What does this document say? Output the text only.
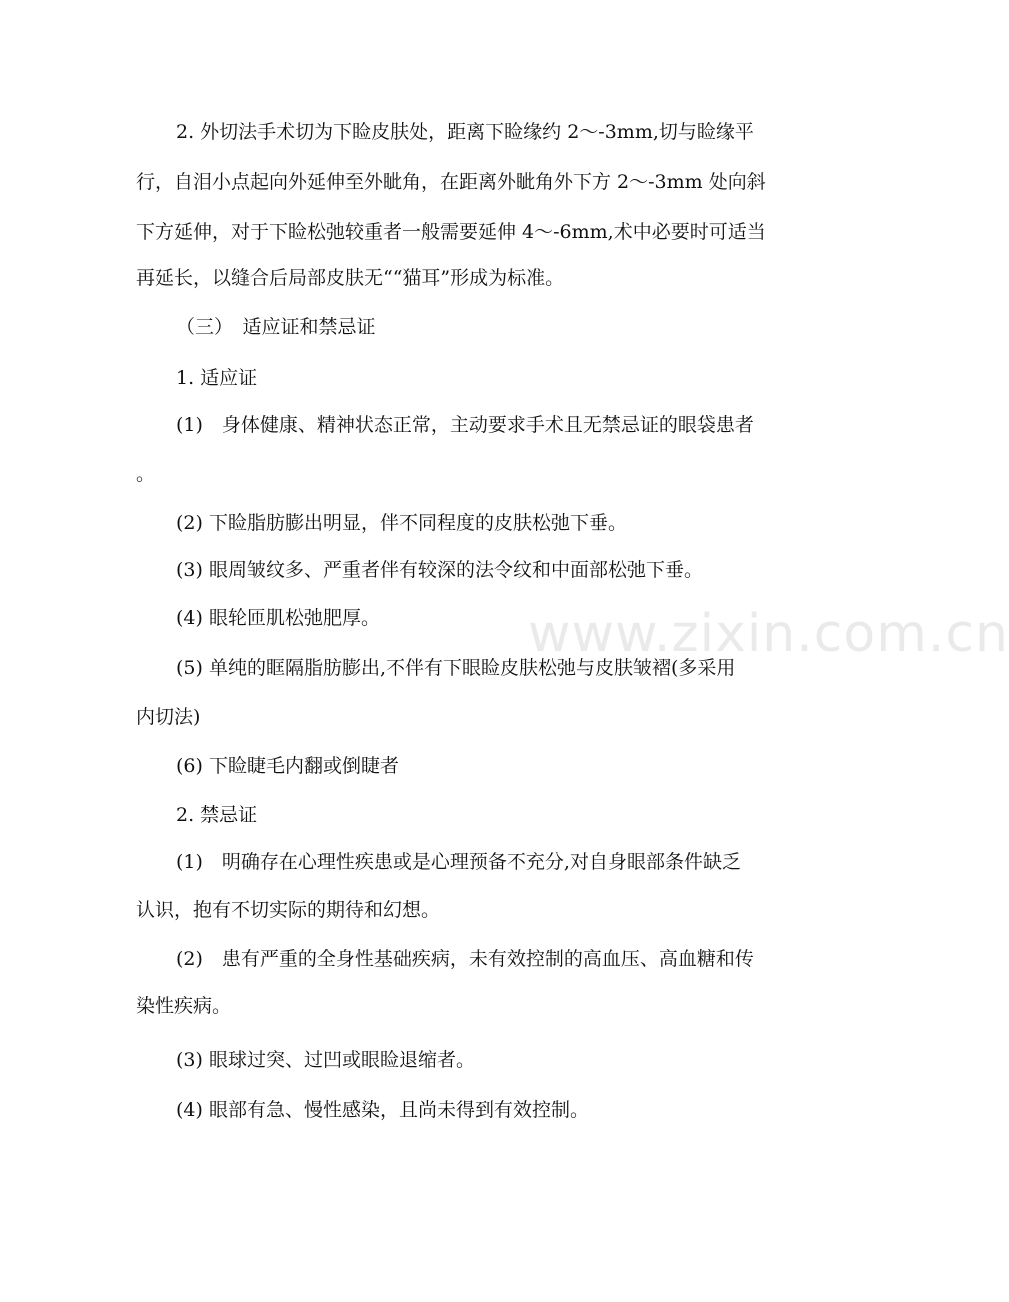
2. 外切法手术切为下睑皮肤处，距离下睑缘约 2～-3mm,切与睑缘平
行，自泪小点起向外延伸至外眦角，在距离外眦角外下方 2～-3mm 处向斜
下方延伸，对于下睑松弛较重者一般需要延伸 4～-6mm,术中必要时可适当
再延长，以缝合后局部皮肤无““猫耳”形成为标准。
（三）　适应证和禁忌证
1. 适应证
(1)　身体健康、精神状态正常，主动要求手术且无禁忌证的眼袋患者
。
(2) 下睑脂肪膨出明显，伴不同程度的皮肤松弛下垂。
(3) 眼周皱纹多、严重者伴有较深的法令纹和中面部松弛下垂。
(4) 眼轮匝肌松弛肥厚。
(5) 单纯的眶隔脂肪膨出,不伴有下眼睑皮肤松弛与皮肤皱褶(多采用
内切法)
(6) 下睑睫毛内翻或倒睫者
2. 禁忌证
(1)　明确存在心理性疾患或是心理预备不充分,对自身眼部条件缺乏
认识，抱有不切实际的期待和幻想。
(2)　患有严重的全身性基础疾病，未有效控制的高血压、高血糖和传
染性疾病。
(3) 眼球过突、过凹或眼睑退缩者。
(4) 眼部有急、慢性感染，且尚未得到有效控制。
www.zixin.com.cn
